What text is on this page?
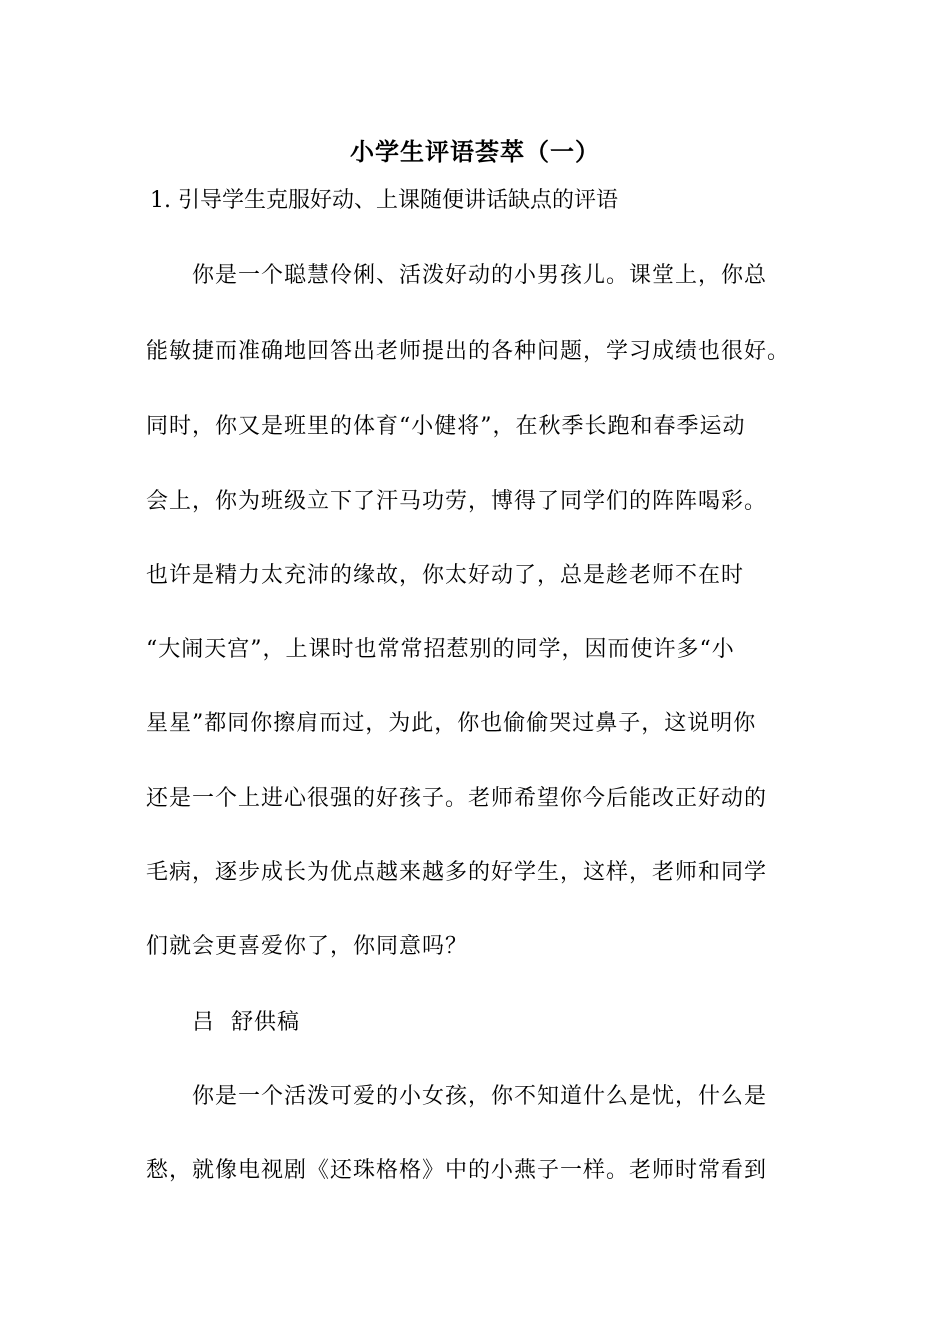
小学生评语荟萃（一）
1. 引导学生克服好动、上课随便讲话缺点的评语
你是一个聪慧伶俐、活泼好动的小男孩儿。课堂上，你总
能敏捷而准确地回答出老师提出的各种问题，学习成绩也很好。
同时，你又是班里的体育“小健将”，在秋季长跑和春季运动
会上，你为班级立下了汗马功劳，博得了同学们的阵阵喝彩。
也许是精力太充沛的缘故，你太好动了，总是趁老师不在时
“大闹天宫”，上课时也常常招惹别的同学，因而使许多“小
星星”都同你擦肩而过，为此，你也偷偷哭过鼻子，这说明你
还是一个上进心很强的好孩子。老师希望你今后能改正好动的
毛病，逐步成长为优点越来越多的好学生，这样，老师和同学
们就会更喜爱你了，你同意吗？
吕  舒供稿
你是一个活泼可爱的小女孩，你不知道什么是忧，什么是
愁，就像电视剧《还珠格格》中的小燕子一样。老师时常看到
